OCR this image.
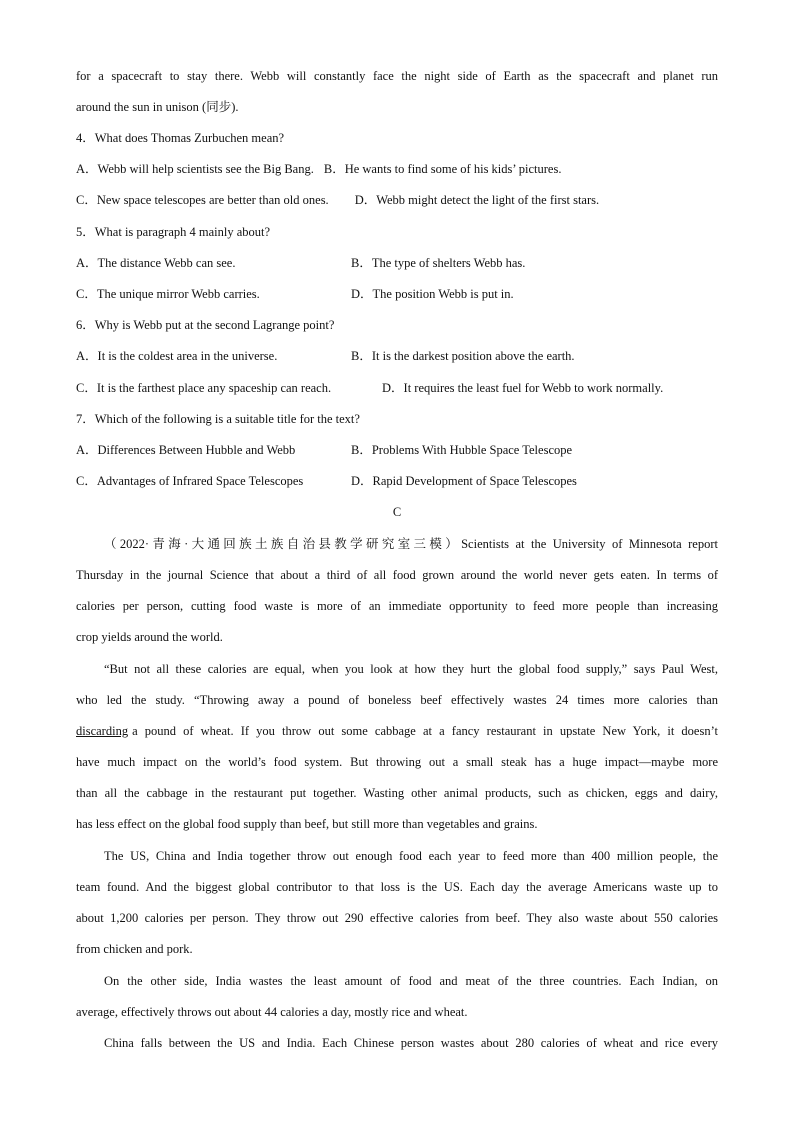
for a spacecraft to stay there. Webb will constantly face the night side of Earth as the spacecraft and planet run
around the sun in unison (同步).
4．What does Thomas Zurbuchen mean?
A．Webb will help scientists see the Big Bang. B．He wants to find some of his kids’ pictures.
C．New space telescopes are better than old ones. D．Webb might detect the light of the first stars.
5．What is paragraph 4 mainly about?
A．The distance Webb can see.	B．The type of shelters Webb has.
C．The unique mirror Webb carries.	D．The position Webb is put in.
6．Why is Webb put at the second Lagrange point?
A．It is the coldest area in the universe.	B．It is the darkest position above the earth.
C．It is the farthest place any spaceship can reach.	D．It requires the least fuel for Webb to work normally.
7．Which of the following is a suitable title for the text?
A．Differences Between Hubble and Webb	B．Problems With Hubble Space Telescope
C．Advantages of Infrared Space Telescopes	D．Rapid Development of Space Telescopes
C
（2022·青海·大通回族土族自治县教学研究室三模）Scientists at the University of Minnesota report
Thursday in the journal Science that about a third of all food grown around the world never gets eaten. In terms of
calories per person, cutting food waste is more of an immediate opportunity to feed more people than increasing
crop yields around the world.
“But not all these calories are equal, when you look at how they hurt the global food supply,” says Paul West,
who led the study. “Throwing away a pound of boneless beef effectively wastes 24 times more calories than
discarding a pound of wheat. If you throw out some cabbage at a fancy restaurant in upstate New York, it doesn’t
have much impact on the world’s food system. But throwing out a small steak has a huge impact—maybe more
than all the cabbage in the restaurant put together. Wasting other animal products, such as chicken, eggs and dairy,
has less effect on the global food supply than beef, but still more than vegetables and grains.
The US, China and India together throw out enough food each year to feed more than 400 million people, the
team found. And the biggest global contributor to that loss is the US. Each day the average Americans waste up to
about 1,200 calories per person. They throw out 290 effective calories from beef. They also waste about 550 calories
from chicken and pork.
On the other side, India wastes the least amount of food and meat of the three countries. Each Indian, on
average, effectively throws out about 44 calories a day, mostly rice and wheat.
China falls between the US and India. Each Chinese person wastes about 280 calories of wheat and rice every
